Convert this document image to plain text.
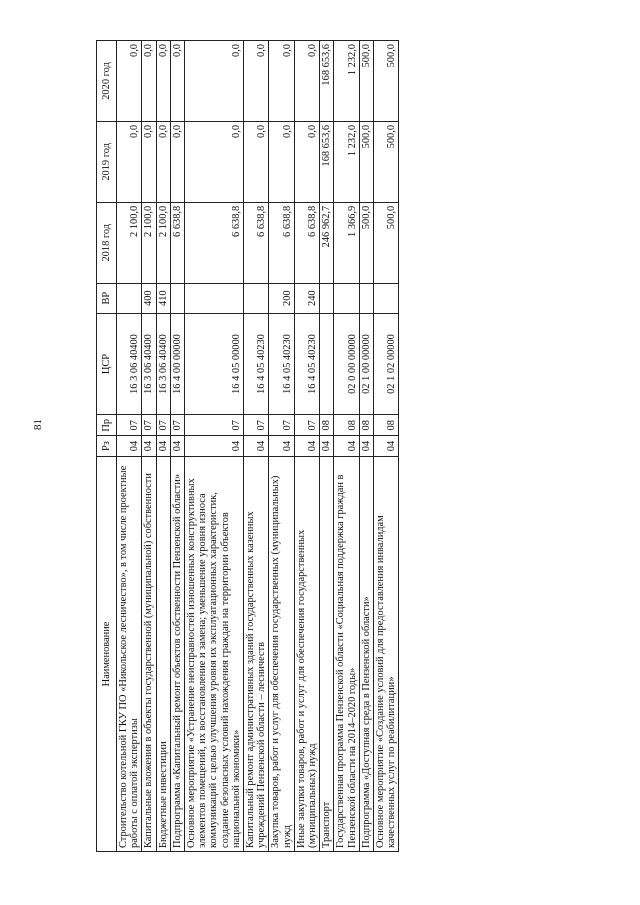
81
Наименование	Рз	Пр	ЦСР	ВР	2018 год	2019 год	2020 год
Строительство котельной ГКУ ПО «Никольское лесничество», в том числе проектные работы с оплатой экспертизы	04	07	16 3 06 40400		2 100,0	0,0	0,0
Капитальные вложения в объекты государственной (муниципальной) собственности	04	07	16 3 06 40400	400	2 100,0	0,0	0,0
Бюджетные инвестиции	04	07	16 3 06 40400	410	2 100,0	0,0	0,0
Подпрограмма «Капитальный ремонт объектов собственности Пензенской области»	04	07	16 4 00 00000		6 638,8	0,0	0,0
Основное мероприятие «Устранение неисправностей изношенных конструктивных элементов помещений, их восстановление и замена; уменьшение уровня износа коммуникаций с целью улучшения уровня их эксплуатационных характеристик, создание безопасных условий нахождения граждан на территории объектов национальной экономики»	04	07	16 4 05 00000		6 638,8	0,0	0,0
Капитальный ремонт административных зданий государственных казенных учреждений Пензенской области – лесничеств	04	07	16 4 05 40230		6 638,8	0,0	0,0
Закупка товаров, работ и услуг для обеспечения государственных (муниципальных) нужд	04	07	16 4 05 40230	200	6 638,8	0,0	0,0
Иные закупки товаров, работ и услуг для обеспечения государственных (муниципальных) нужд	04	07	16 4 05 40230	240	6 638,8	0,0	0,0
Транспорт	04	08			246 962,7	168 653,6	168 653,6
Государственная программа Пензенской области «Социальная поддержка граждан в Пензенской области на 2014–2020 годы»	04	08	02 0 00 00000		1 366,9	1 232,0	1 232,0
Подпрограмма «Доступная среда в Пензенской области»	04	08	02 1 00 00000		500,0	500,0	500,0
Основное мероприятие «Создание условий для предоставления инвалидам качественных услуг по реабилитации»	04	08	02 1 02 00000		500,0	500,0	500,0
